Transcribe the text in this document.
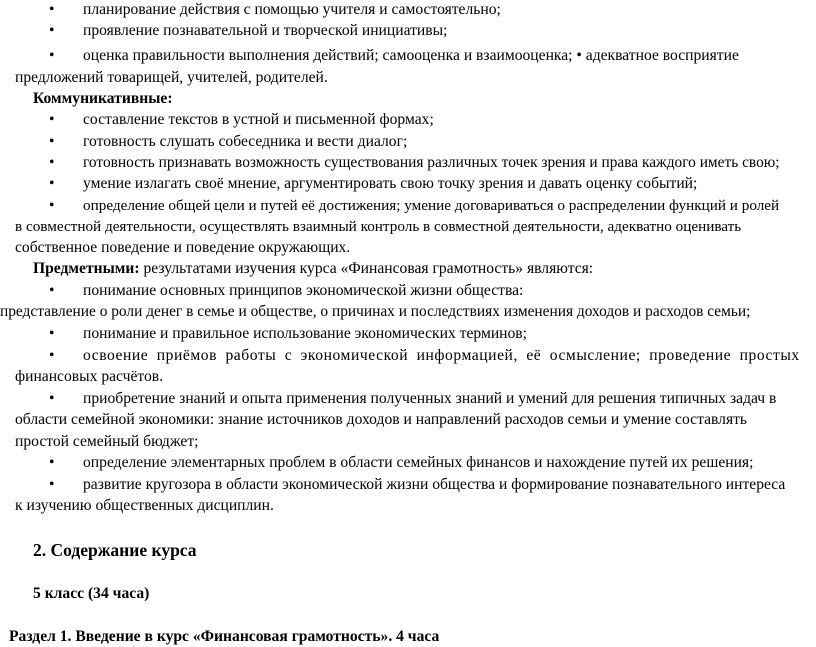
• планирование действия с помощью учителя и самостоятельно;
• проявление познавательной и творческой инициативы;
• оценка правильности выполнения действий; самооценка и взаимооценка; • адекватное восприятие
предложений товарищей, учителей, родителей.
Коммуникативные:
• составление текстов в устной и письменной формах;
• готовность слушать собеседника и вести диалог;
• готовность признавать возможность существования различных точек зрения и права каждого иметь свою;
• умение излагать своё мнение, аргументировать свою точку зрения и давать оценку событий;
• определение общей цели и путей её достижения; умение договариваться о распределении функций и ролей
в совместной деятельности, осуществлять взаимный контроль в совместной деятельности, адекватно оценивать
собственное поведение и поведение окружающих.
Предметными: результатами изучения курса «Финансовая грамотность» являются:
• понимание основных принципов экономической жизни общества:
представление о роли денег в семье и обществе, о причинах и последствиях изменения доходов и расходов семьи;
• понимание и правильное использование экономических терминов;
• освоение приёмов работы с экономической информацией, её осмысление; проведение простых
финансовых расчётов.
• приобретение знаний и опыта применения полученных знаний и умений для решения типичных задач в
области семейной экономики: знание источников доходов и направлений расходов семьи и умение составлять
простой семейный бюджет;
• определение элементарных проблем в области семейных финансов и нахождение путей их решения;
• развитие кругозора в области экономической жизни общества и формирование познавательного интереса
к изучению общественных дисциплин.
2. Содержание курса
5 класс (34 часа)
Раздел 1. Введение в курс «Финансовая грамотность». 4 часа
